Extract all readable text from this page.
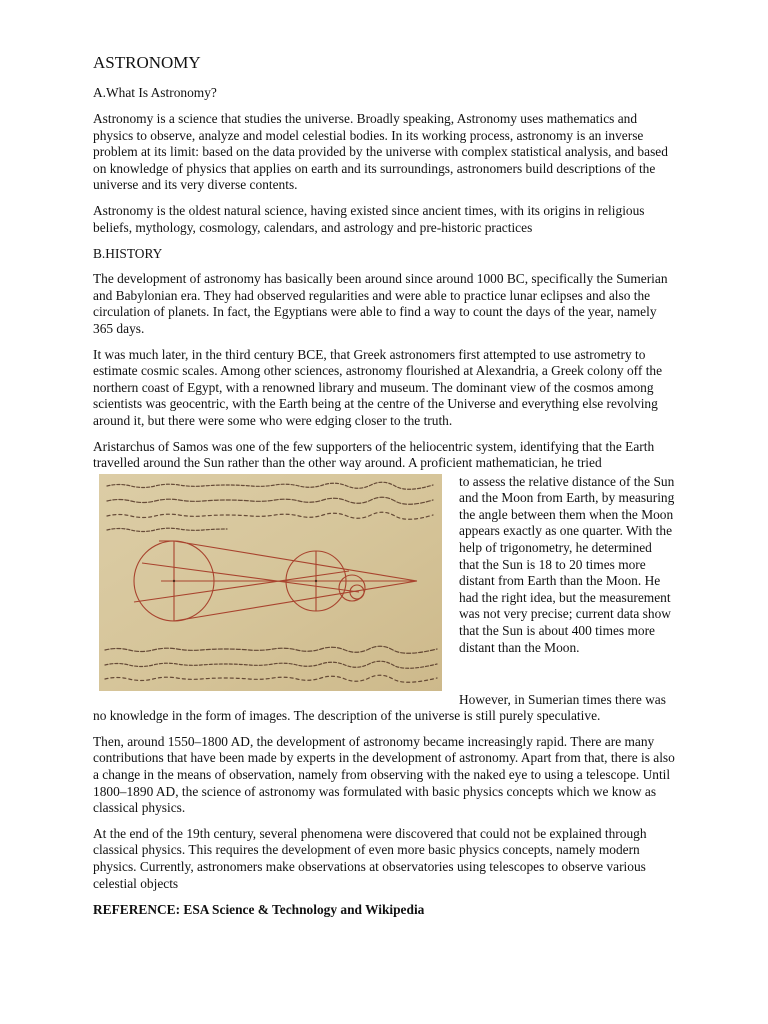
ASTRONOMY
A.What Is Astronomy?

Astronomy is a science that studies the universe. Broadly speaking, Astronomy uses mathematics and physics to observe, analyze and model celestial bodies. In its working process, astronomy is an inverse problem at its limit: based on the data provided by the universe with complex statistical analysis, and based on knowledge of physics that applies on earth and its surroundings, astronomers build descriptions of the universe and its very diverse contents.

Astronomy is the oldest natural science, having existed since ancient times, with its origins in religious beliefs, mythology, cosmology, calendars, and astrology and pre-historic practices

B.HISTORY

The development of astronomy has basically been around since around 1000 BC, specifically the Sumerian and Babylonian era. They had observed regularities and were able to practice lunar eclipses and also the circulation of planets. In fact, the Egyptians were able to find a way to count the days of the year, namely 365 days.

It was much later, in the third century BCE, that Greek astronomers first attempted to use astrometry to estimate cosmic scales. Among other sciences, astronomy flourished at Alexandria, a Greek colony off the northern coast of Egypt, with a renowned library and museum. The dominant view of the cosmos among scientists was geocentric, with the Earth being at the centre of the Universe and everything else revolving around it, but there were some who were edging closer to the truth.

Aristarchus of Samos was one of the few supporters of the heliocentric system, identifying that the Earth travelled around the Sun rather than the other way around. A proficient mathematician, he tried

to assess the relative distance of the Sun and the Moon from Earth, by measuring the angle between them when the Moon appears exactly as one quarter. With the help of trigonometry, he determined that the Sun is 18 to 20 times more distant from Earth than the Moon. He had the right idea, but the measurement was not very precise; current data show that the Sun is about 400 times more distant than the Moon.

However, in Sumerian times there was no knowledge in the form of images. The description of the universe is still purely speculative.

Then, around 1550–1800 AD, the development of astronomy became increasingly rapid. There are many contributions that have been made by experts in the development of astronomy. Apart from that, there is also a change in the means of observation, namely from observing with the naked eye to using a telescope. Until 1800–1890 AD, the science of astronomy was formulated with basic physics concepts which we know as classical physics.

At the end of the 19th century, several phenomena were discovered that could not be explained through classical physics. This requires the development of even more basic physics concepts, namely modern physics. Currently, astronomers make observations at observatories using telescopes to observe various celestial objects

REFERENCE: ESA Science & Technology and Wikipedia
